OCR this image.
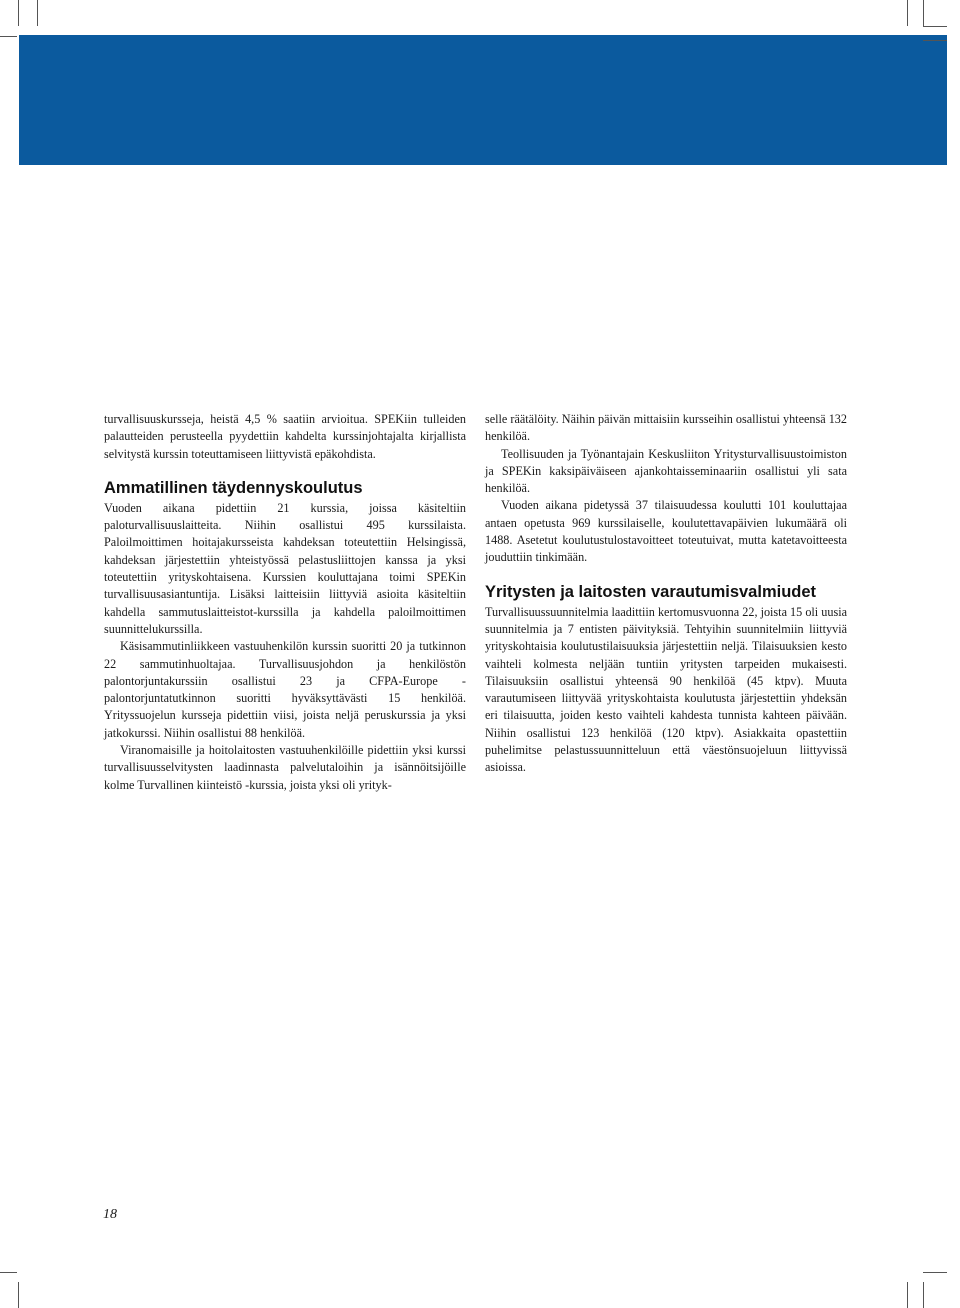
turvallisuuskursseja, heistä 4,5 % saatiin arvioitua. SPEKiin tulleiden palautteiden perusteella pyydettiin kahdelta kurssinjohtajalta kirjallista selvitystä kurssin toteuttamiseen liittyvistä epäkohdista.

Ammatillinen täydennyskoulutus

Vuoden aikana pidettiin 21 kurssia, joissa käsiteltiin paloturvallisuuslaitteita. Niihin osallistui 495 kurssilaista. Paloilmoittimen hoitajakursseista kahdeksan toteutettiin Helsingissä, kahdeksan järjestettiin yhteistyössä pelastusliittojen kanssa ja yksi toteutettiin yrityskohtaisena. Kurssien kouluttajana toimi SPEKin turvallisuusasiantuntija. Lisäksi laitteisiin liittyviä asioita käsiteltiin kahdella sammutuslaitteistot-kurssilla ja kahdella paloilmoittimen suunnittelukurssilla.

Käsisammutinliikkeen vastuuhenkilön kurssin suoritti 20 ja tutkinnon 22 sammutinhuoltajaa. Turvallisuusjohdon ja henkilöstön palontorjuntakurssiin osallistui 23 ja CFPA-Europe -palontorjuntatutkinnon suoritti hyväksyttävästi 15 henkilöä. Yrityssuojelun kursseja pidettiin viisi, joista neljä peruskurssia ja yksi jatkokurssi. Niihin osallistui 88 henkilöä.

Viranomaisille ja hoitolaitosten vastuuhenkilöille pidettiin yksi kurssi turvallisuusselvitysten laadinnasta palvelutaloihin ja isännöitsijöille kolme Turvallinen kiinteistö -kurssia, joista yksi oli yrityk-

selle räätälöity. Näihin päivän mittaisiin kursseihin osallistui yhteensä 132 henkilöä.

Teollisuuden ja Työnantajain Keskusliiton Yritysturvallisuustoimiston ja SPEKin kaksipäiväiseen ajankohtaisseminaariin osallistui yli sata henkilöä.

Vuoden aikana pidetyssä 37 tilaisuudessa koulutti 101 kouluttajaa antaen opetusta 969 kurssilaiselle, koulutettavapäivien lukumäärä oli 1488. Asetetut koulutustulostavoitteet toteutuivat, mutta katetavoitteesta jouduttiin tinkimään.

Yritysten ja laitosten varautumisvalmiudet

Turvallisuussuunnitelmia laadittiin kertomusvuonna 22, joista 15 oli uusia suunnitelmia ja 7 entisten päivityksiä. Tehtyihin suunnitelmiin liittyviä yrityskohtaisia koulutustilaisuuksia järjestettiin neljä. Tilaisuuksien kesto vaihteli kolmesta neljään tuntiin yritysten tarpeiden mukaisesti. Tilaisuuksiin osallistui yhteensä 90 henkilöä (45 ktpv). Muuta varautumiseen liittyvää yrityskohtaista koulutusta järjestettiin yhdeksän eri tilaisuutta, joiden kesto vaihteli kahdesta tunnista kahteen päivään. Niihin osallistui 123 henkilöä (120 ktpv). Asiakkaita opastettiin puhelimitse pelastussuunnitteluun että väestönsuojeluun liittyvissä asioissa.

18
